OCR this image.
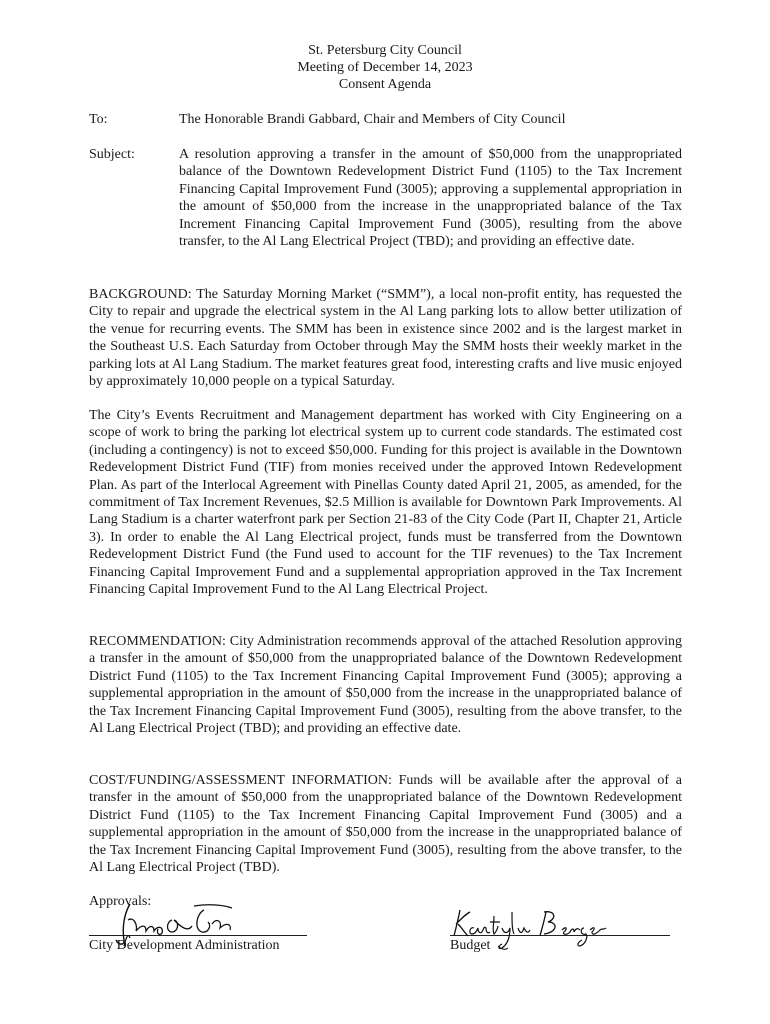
St. Petersburg City Council
Meeting of December 14, 2023
Consent Agenda
To:	The Honorable Brandi Gabbard, Chair and Members of City Council
Subject:	A resolution approving a transfer in the amount of $50,000 from the unappropriated balance of the Downtown Redevelopment District Fund (1105) to the Tax Increment Financing Capital Improvement Fund (3005); approving a supplemental appropriation in the amount of $50,000 from the increase in the unappropriated balance of the Tax Increment Financing Capital Improvement Fund (3005), resulting from the above transfer, to the Al Lang Electrical Project (TBD); and providing an effective date.
BACKGROUND: The Saturday Morning Market (“SMM”), a local non-profit entity, has requested the City to repair and upgrade the electrical system in the Al Lang parking lots to allow better utilization of the venue for recurring events. The SMM has been in existence since 2002 and is the largest market in the Southeast U.S. Each Saturday from October through May the SMM hosts their weekly market in the parking lots at Al Lang Stadium. The market features great food, interesting crafts and live music enjoyed by approximately 10,000 people on a typical Saturday.
The City’s Events Recruitment and Management department has worked with City Engineering on a scope of work to bring the parking lot electrical system up to current code standards. The estimated cost (including a contingency) is not to exceed $50,000. Funding for this project is available in the Downtown Redevelopment District Fund (TIF) from monies received under the approved Intown Redevelopment Plan. As part of the Interlocal Agreement with Pinellas County dated April 21, 2005, as amended, for the commitment of Tax Increment Revenues, $2.5 Million is available for Downtown Park Improvements. Al Lang Stadium is a charter waterfront park per Section 21-83 of the City Code (Part II, Chapter 21, Article 3). In order to enable the Al Lang Electrical project, funds must be transferred from the Downtown Redevelopment District Fund (the Fund used to account for the TIF revenues) to the Tax Increment Financing Capital Improvement Fund and a supplemental appropriation approved in the Tax Increment Financing Capital Improvement Fund to the Al Lang Electrical Project.
RECOMMENDATION: City Administration recommends approval of the attached Resolution approving a transfer in the amount of $50,000 from the unappropriated balance of the Downtown Redevelopment District Fund (1105) to the Tax Increment Financing Capital Improvement Fund (3005); approving a supplemental appropriation in the amount of $50,000 from the increase in the unappropriated balance of the Tax Increment Financing Capital Improvement Fund (3005), resulting from the above transfer, to the Al Lang Electrical Project (TBD); and providing an effective date.
COST/FUNDING/ASSESSMENT INFORMATION: Funds will be available after the approval of a transfer in the amount of $50,000 from the unappropriated balance of the Downtown Redevelopment District Fund (1105) to the Tax Increment Financing Capital Improvement Fund (3005) and a supplemental appropriation in the amount of $50,000 from the increase in the unappropriated balance of the Tax Increment Financing Capital Improvement Fund (3005), resulting from the above transfer, to the Al Lang Electrical Project (TBD).
Approvals:
City Development Administration	Budget
